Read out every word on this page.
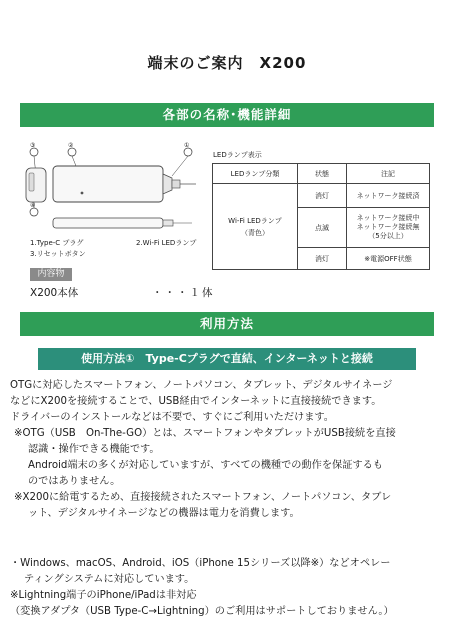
端末のご案内　X200
各部の名称･機能詳細
③	②	①
④
1.Type-C プラグ
3.リセットボタン
2.Wi-Fi LEDランプ
LEDランプ表示
LEDランプ分類	状態	注記

Wi-Fi LEDランプ
（青色）	消灯	ネットワーク接続済
	点滅	ネットワーク接続中
ネットワーク接続無
（5分以上）

	消灯	※電源OFF状態
内容物
X200本体	・・・１体
利用方法
使用方法①　Type-Cプラグで直結、インターネットと接続
OTGに対応したスマートフォン、ノートパソコン、タブレット、デジタルサイネージ
などにX200を接続することで、USB経由でインターネットに直接接続できます。
ドライバーのインストールなどは不要で、すぐにご利用いただけます。
※OTG（USB　On-The-GO）とは、スマートフォンやタブレットがUSB接続を直接
認識・操作できる機能です。
Android端末の多くが対応していますが、すべての機種での動作を保証するも
のではありません。
※X200に給電するため、直接接続されたスマートフォン、ノートパソコン、タブレ
ット、デジタルサイネージなどの機器は電力を消費します。
・Windows、macOS、Android、iOS（iPhone 15シリーズ以降※）などオペレー
ティングシステムに対応しています。
※Lightning端子のiPhone/iPadは非対応
（変換アダプタ（USB Type-C→Lightning）のご利用はサポートしておりません。）
